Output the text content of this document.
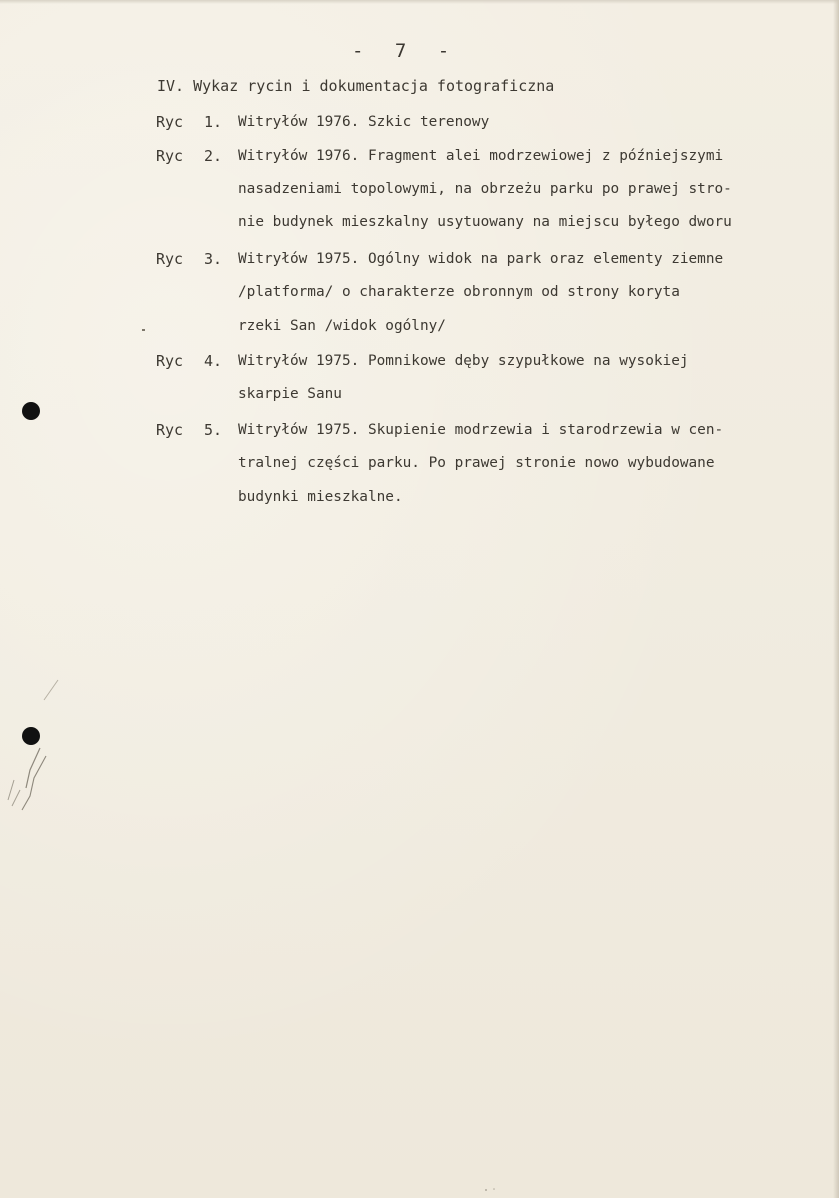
- 7 -
IV. Wykaz rycin i dokumentacja fotograficzna
Ryc 1. Witryłów 1976. Szkic terenowy
Ryc 2. Witryłów 1976. Fragment alei modrzewiowej z późniejszymi
nasadzeniami topolowymi, na obrzeżu parku po prawej stro-
nie budynek mieszkalny usytuowany na miejscu byłego dworu
Ryc 3. Witryłów 1975. Ogólny widok na park oraz elementy ziemne
/platforma/ o charakterze obronnym od strony koryta
rzeki San /widok ogólny/
Ryc 4. Witryłów 1975. Pomnikowe dęby szypułkowe na wysokiej
skarpie Sanu
Ryc 5. Witryłów 1975. Skupienie modrzewia i starodrzewia w cen-
tralnej części parku. Po prawej stronie nowo wybudowane
budynki mieszkalne.
